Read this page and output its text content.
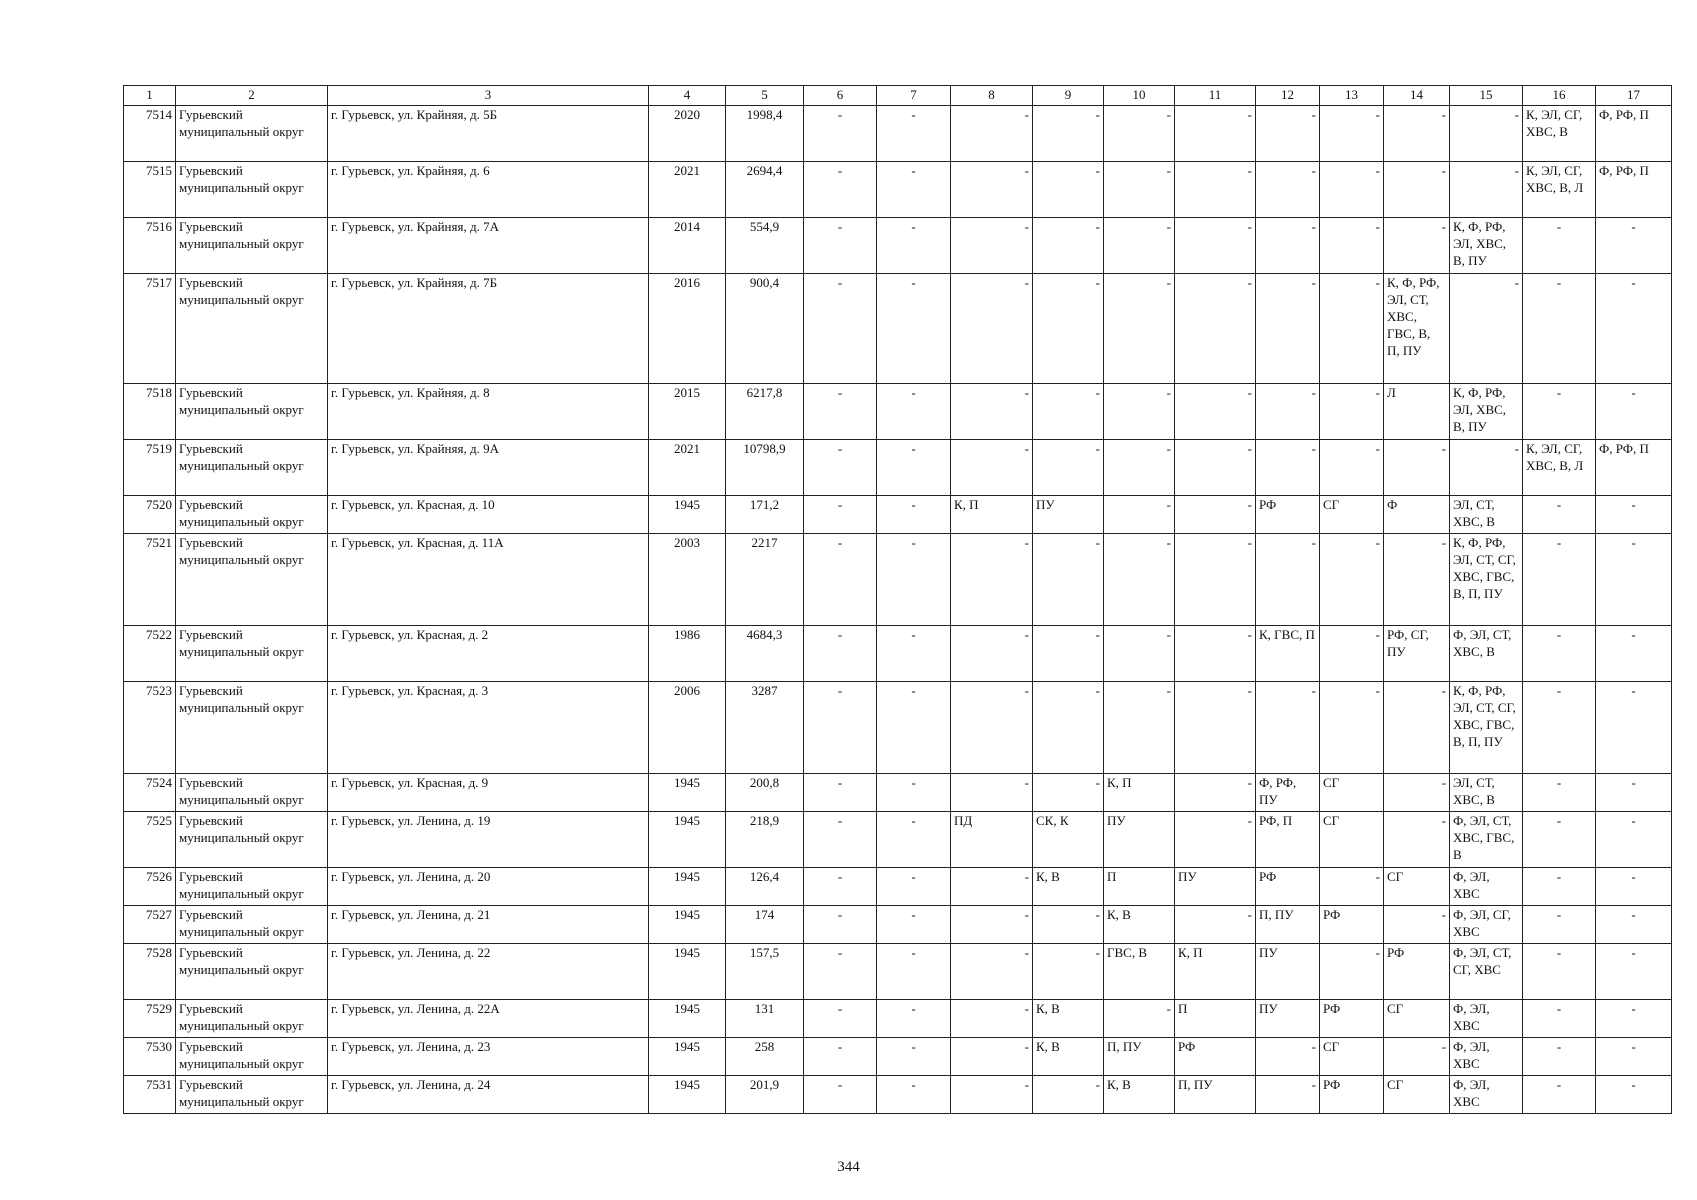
1	2	3	4	5	6	7	8	9	10	11	12	13	14	15	16	17
7514	Гурьевский муниципальный округ	г. Гурьевск, ул. Крайняя, д. 5Б	2020	1998,4	-	-	-	-	-	-	-	-	-	-	К, ЭЛ, СГ, ХВС, В	Ф, РФ, П
7515	Гурьевский муниципальный округ	г. Гурьевск, ул. Крайняя, д. 6	2021	2694,4	-	-	-	-	-	-	-	-	-	-	К, ЭЛ, СГ, ХВС, В, Л	Ф, РФ, П
7516	Гурьевский муниципальный округ	г. Гурьевск, ул. Крайняя, д. 7А	2014	554,9	-	-	-	-	-	-	-	-	-	К, Ф, РФ, ЭЛ, ХВС, В, ПУ	-	-
7517	Гурьевский муниципальный округ	г. Гурьевск, ул. Крайняя, д. 7Б	2016	900,4	-	-	-	-	-	-	-	-	К, Ф, РФ, ЭЛ, СТ, ХВС, ГВС, В, П, ПУ	-	-	-
7518	Гурьевский муниципальный округ	г. Гурьевск, ул. Крайняя, д. 8	2015	6217,8	-	-	-	-	-	-	-	-	Л	К, Ф, РФ, ЭЛ, ХВС, В, ПУ	-	-
7519	Гурьевский муниципальный округ	г. Гурьевск, ул. Крайняя, д. 9А	2021	10798,9	-	-	-	-	-	-	-	-	-	-	К, ЭЛ, СГ, ХВС, В, Л	Ф, РФ, П
7520	Гурьевский муниципальный округ	г. Гурьевск, ул. Красная, д. 10	1945	171,2	-	-	К, П	ПУ	-	-	РФ	СГ	Ф	ЭЛ, СТ, ХВС, В	-	-
7521	Гурьевский муниципальный округ	г. Гурьевск, ул. Красная, д. 11А	2003	2217	-	-	-	-	-	-	-	-	-	К, Ф, РФ, ЭЛ, СТ, СГ, ХВС, ГВС, В, П, ПУ	-	-
7522	Гурьевский муниципальный округ	г. Гурьевск, ул. Красная, д. 2	1986	4684,3	-	-	-	-	-	-	К, ГВС, П	-	РФ, СГ, ПУ	Ф, ЭЛ, СТ, ХВС, В	-	-
7523	Гурьевский муниципальный округ	г. Гурьевск, ул. Красная, д. 3	2006	3287	-	-	-	-	-	-	-	-	-	К, Ф, РФ, ЭЛ, СТ, СГ, ХВС, ГВС, В, П, ПУ	-	-
7524	Гурьевский муниципальный округ	г. Гурьевск, ул. Красная, д. 9	1945	200,8	-	-	-	-	К, П	-	Ф, РФ, ПУ	СГ	-	ЭЛ, СТ, ХВС, В	-	-
7525	Гурьевский муниципальный округ	г. Гурьевск, ул. Ленина, д. 19	1945	218,9	-	-	ПД	СК, К	ПУ	-	РФ, П	СГ	-	Ф, ЭЛ, СТ, ХВС, ГВС, В	-	-
7526	Гурьевский муниципальный округ	г. Гурьевск, ул. Ленина, д. 20	1945	126,4	-	-	-	К, В	П	ПУ	РФ	-	СГ	Ф, ЭЛ, ХВС	-	-
7527	Гурьевский муниципальный округ	г. Гурьевск, ул. Ленина, д. 21	1945	174	-	-	-	-	К, В	-	П, ПУ	РФ	-	Ф, ЭЛ, СГ, ХВС	-	-
7528	Гурьевский муниципальный округ	г. Гурьевск, ул. Ленина, д. 22	1945	157,5	-	-	-	-	ГВС, В	К, П	ПУ	-	РФ	Ф, ЭЛ, СТ, СГ, ХВС	-	-
7529	Гурьевский муниципальный округ	г. Гурьевск, ул. Ленина, д. 22А	1945	131	-	-	-	К, В	-	П	ПУ	РФ	СГ	Ф, ЭЛ, ХВС	-	-
7530	Гурьевский муниципальный округ	г. Гурьевск, ул. Ленина, д. 23	1945	258	-	-	-	К, В	П, ПУ	РФ	-	СГ	-	Ф, ЭЛ, ХВС	-	-
7531	Гурьевский муниципальный округ	г. Гурьевск, ул. Ленина, д. 24	1945	201,9	-	-	-	-	К, В	П, ПУ	-	РФ	СГ	Ф, ЭЛ, ХВС	-	-
344
